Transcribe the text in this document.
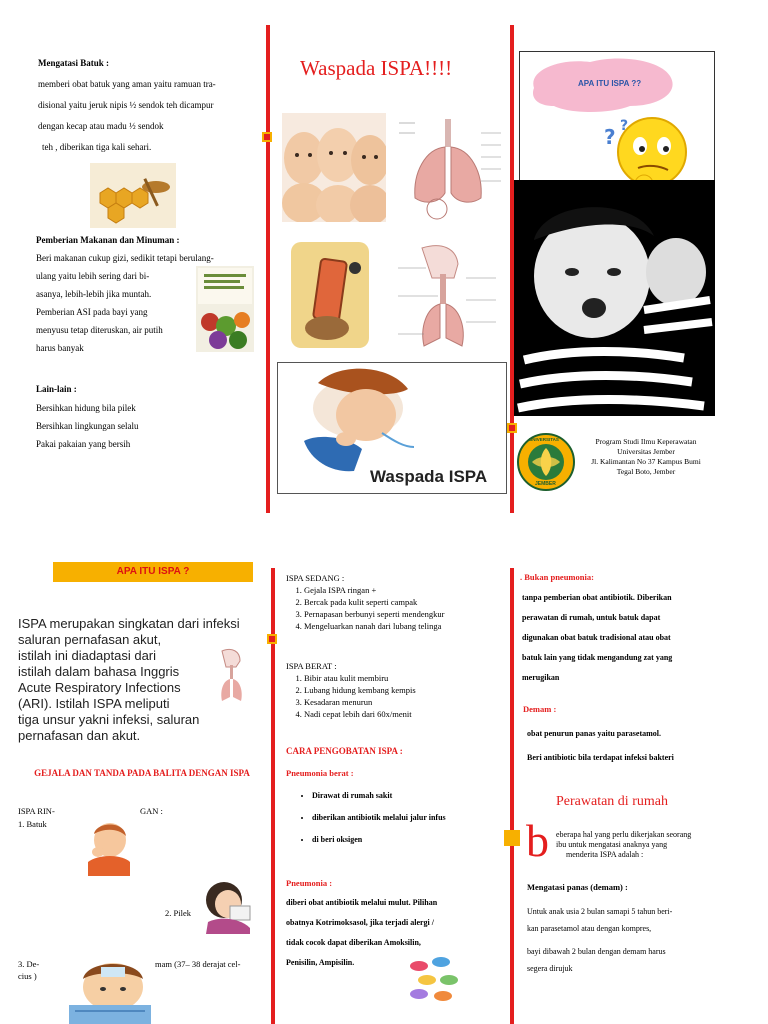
Mengatasi Batuk :
memberi obat batuk yang aman yaitu ramuan tra-
disional yaitu jeruk nipis ½ sendok teh dicampur
dengan kecap atau madu ½ sendok
teh , diberikan tiga kali sehari.
Pemberian Makanan dan Minuman :
Beri makanan cukup gizi, sedikit tetapi berulang-
ulang yaitu lebih sering dari bi-
asanya, lebih-lebih jika muntah.
Pemberian ASI pada bayi yang
menyusu tetap diteruskan, air putih
harus banyak
Lain-lain :
Bersihkan hidung bila pilek
Bersihkan lingkungan selalu
Pakai pakaian yang bersih
Waspada ISPA!!!!
Waspada ISPA
? ?
APA ITU ISPA ??
UNIVERSITAS
JEMBER
Program Studi Ilmu Keperawatan
Universitas Jember
Jl. Kalimantan No 37 Kampus Bumi
Tegal Boto, Jember
APA ITU ISPA ?
ISPA merupakan singkatan dari infeksi
saluran pernafasan akut,
istilah ini diadaptasi dari
istilah dalam bahasa Inggris
Acute Respiratory Infections
(ARI). Istilah ISPA meliputi
tiga unsur yakni infeksi, saluran
pernafasan dan akut.
GEJALA DAN TANDA PADA BALITA DENGAN ISPA
ISPA RIN-	GAN :
1. Batuk
2. Pilek
3. De-
cius )
mam (37– 38 derajat cel-
ISPA SEDANG :
1. Gejala ISPA ringan +
2. Bercak pada kulit seperti campak
3. Pernapasan berbunyi seperti mendengkur
4. Mengeluarkan nanah dari lubang telinga
ISPA BERAT :
1. Bibir atau kulit membiru
2. Lubang hidung kembang kempis
3. Kesadaran menurun
4. Nadi cepat lebih dari 60x/menit
CARA PENGOBATAN ISPA :
Pneumonia berat :
• Dirawat di rumah sakit
• diberikan antibiotik melalui jalur infus
• di beri oksigen
Pneumonia :
diberi obat antibiotik melalui mulut. Pilihan
obatnya Kotrimoksasol, jika terjadi alergi /
tidak cocok dapat diberikan Amoksilin,
Penisilin, Ampisilin.
. Bukan pneumonia:
tanpa pemberian obat antibiotik. Diberikan
perawatan di rumah, untuk batuk dapat
digunakan obat batuk tradisional atau obat
batuk lain yang tidak mengandung zat yang
merugikan
Demam :
obat penurun panas yaitu parasetamol.
Beri antibiotic bila terdapat infeksi bakteri
Perawatan di rumah
b eberapa hal yang perlu dikerjakan seorang
ibu untuk mengatasi anaknya yang
menderita ISPA adalah :
Mengatasi panas (demam) :
Untuk anak usia 2 bulan samapi 5 tahun beri-
kan parasetamol atau dengan kompres,
bayi dibawah 2 bulan dengan demam harus
segera dirujuk
